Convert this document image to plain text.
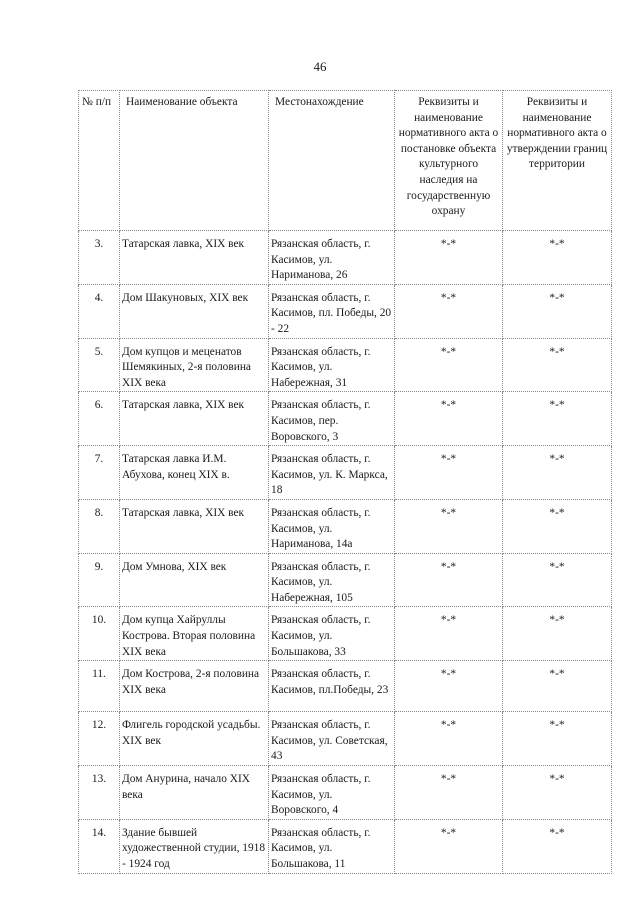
46
№ п/п	Наименование объекта	Местонахождение	Реквизиты и наименование нормативного акта о постановке объекта культурного наследия на государственную охрану	Реквизиты и наименование нормативного акта о утверждении границ территории
3.	Татарская лавка, XIX век	Рязанская область, г. Касимов, ул. Нариманова, 26	*-*	*-*
4.	Дом Шакуновых, XIX век	Рязанская область, г. Касимов, пл. Победы, 20 - 22	*-*	*-*
5.	Дом купцов и меценатов Шемякиных, 2-я половина XIX века	Рязанская область, г. Касимов, ул. Набережная, 31	*-*	*-*
6.	Татарская лавка, XIX век	Рязанская область, г. Касимов, пер. Воровского, 3	*-*	*-*
7.	Татарская лавка И.М. Абухова, конец XIX в.	Рязанская область, г. Касимов, ул. К. Маркса, 18	*-*	*-*
8.	Татарская лавка, XIX век	Рязанская область, г. Касимов, ул. Нариманова, 14а	*-*	*-*
9.	Дом Умнова, XIX век	Рязанская область, г. Касимов, ул. Набережная, 105	*-*	*-*
10.	Дом купца Хайруллы Кострова. Вторая половина XIX века	Рязанская область, г. Касимов, ул. Большакова, 33	*-*	*-*
11.	Дом Кострова, 2-я половина XIX века	Рязанская область, г. Касимов, пл.Победы, 23	*-*	*-*
12.	Флигель городской усадьбы. XIX век	Рязанская область, г. Касимов, ул. Советская, 43	*-*	*-*
13.	Дом Анурина, начало XIX века	Рязанская область, г. Касимов, ул. Воровского, 4	*-*	*-*
14.	Здание бывшей художественной студии, 1918 - 1924 год	Рязанская область, г. Касимов, ул. Большакова, 11	*-*	*-*
